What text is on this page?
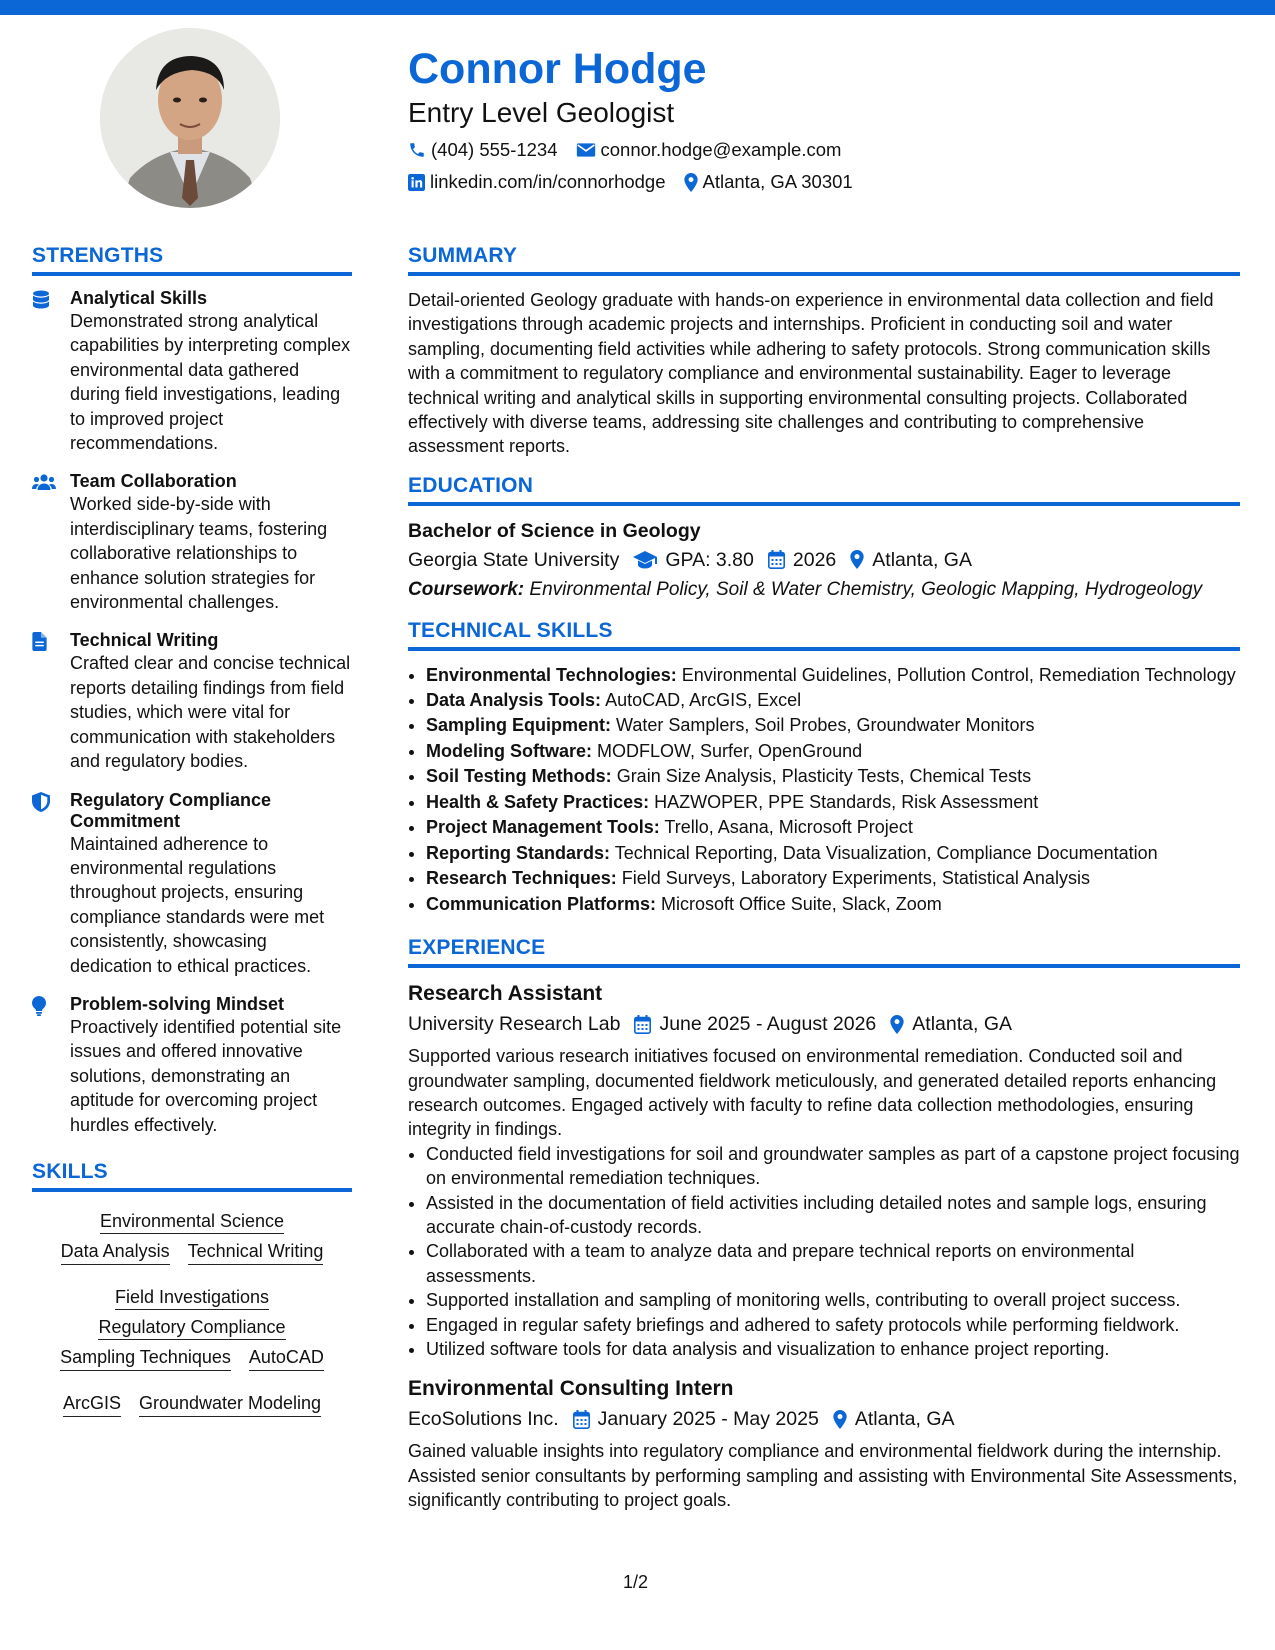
Connor Hodge
Entry Level Geologist
(404) 555-1234 connor.hodge@example.com
linkedin.com/in/connorhodge Atlanta, GA 30301
STRENGTHS
Analytical Skills
Demonstrated strong analytical capabilities by interpreting complex environmental data gathered during field investigations, leading to improved project recommendations.
Team Collaboration
Worked side-by-side with interdisciplinary teams, fostering collaborative relationships to enhance solution strategies for environmental challenges.
Technical Writing
Crafted clear and concise technical reports detailing findings from field studies, which were vital for communication with stakeholders and regulatory bodies.
Regulatory Compliance Commitment
Maintained adherence to environmental regulations throughout projects, ensuring compliance standards were met consistently, showcasing dedication to ethical practices.
Problem-solving Mindset
Proactively identified potential site issues and offered innovative solutions, demonstrating an aptitude for overcoming project hurdles effectively.
SKILLS
Environmental Science
Data Analysis Technical Writing
Field Investigations
Regulatory Compliance
Sampling Techniques AutoCAD
ArcGIS Groundwater Modeling
SUMMARY

Detail-oriented Geology graduate with hands-on experience in environmental data collection and field investigations through academic projects and internships. Proficient in conducting soil and water sampling, documenting field activities while adhering to safety protocols. Strong communication skills with a commitment to regulatory compliance and environmental sustainability. Eager to leverage technical writing and analytical skills in supporting environmental consulting projects. Collaborated effectively with diverse teams, addressing site challenges and contributing to comprehensive assessment reports.

EDUCATION
Bachelor of Science in Geology
Georgia State University GPA: 3.80 2026 Atlanta, GA
Coursework: Environmental Policy, Soil & Water Chemistry, Geologic Mapping, Hydrogeology
TECHNICAL SKILLS
• Environmental Technologies: Environmental Guidelines, Pollution Control, Remediation Technology
• Data Analysis Tools: AutoCAD, ArcGIS, Excel
• Sampling Equipment: Water Samplers, Soil Probes, Groundwater Monitors
• Modeling Software: MODFLOW, Surfer, OpenGround
• Soil Testing Methods: Grain Size Analysis, Plasticity Tests, Chemical Tests
• Health & Safety Practices: HAZWOPER, PPE Standards, Risk Assessment
• Project Management Tools: Trello, Asana, Microsoft Project
• Reporting Standards: Technical Reporting, Data Visualization, Compliance Documentation
• Research Techniques: Field Surveys, Laboratory Experiments, Statistical Analysis
• Communication Platforms: Microsoft Office Suite, Slack, Zoom
EXPERIENCE
Research Assistant
University Research Lab June 2025 - August 2026 Atlanta, GA

Supported various research initiatives focused on environmental remediation. Conducted soil and groundwater sampling, documented fieldwork meticulously, and generated detailed reports enhancing research outcomes. Engaged actively with faculty to refine data collection methodologies, ensuring integrity in findings.

• Conducted field investigations for soil and groundwater samples as part of a capstone project focusing on environmental remediation techniques.
• Assisted in the documentation of field activities including detailed notes and sample logs, ensuring accurate chain-of-custody records.
• Collaborated with a team to analyze data and prepare technical reports on environmental assessments.
• Supported installation and sampling of monitoring wells, contributing to overall project success.
• Engaged in regular safety briefings and adhered to safety protocols while performing fieldwork.
• Utilized software tools for data analysis and visualization to enhance project reporting.
Environmental Consulting Intern
EcoSolutions Inc. January 2025 - May 2025 Atlanta, GA

Gained valuable insights into regulatory compliance and environmental fieldwork during the internship. Assisted senior consultants by performing sampling and assisting with Environmental Site Assessments, significantly contributing to project goals.

1/2
